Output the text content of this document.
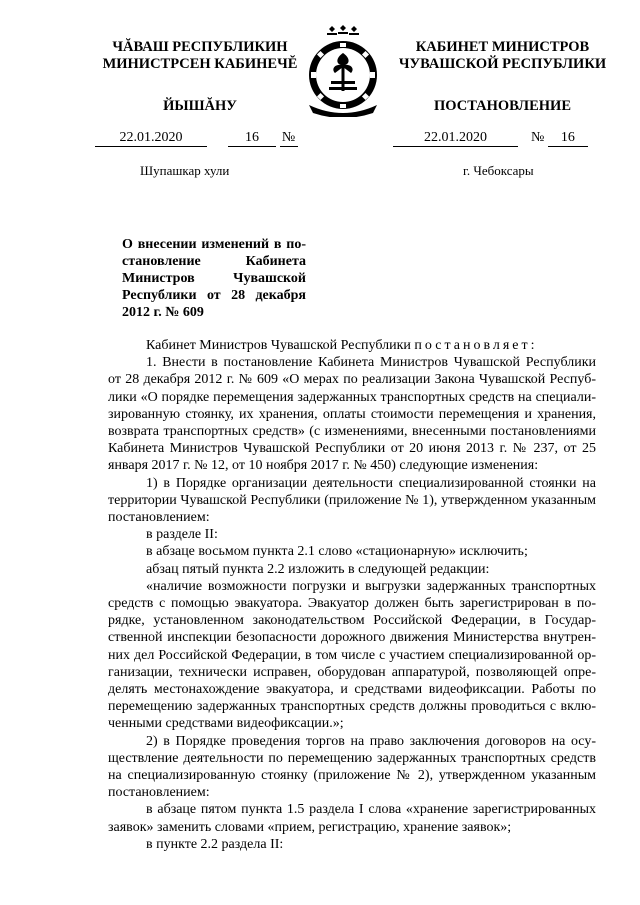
ЧĂВАШ РЕСПУБЛИКИН
МИНИСТРСЕН КАБИНЕЧĔ
ЙЫШĂНУ
КАБИНЕТ МИНИСТРОВ
ЧУВАШСКОЙ РЕСПУБЛИКИ
ПОСТАНОВЛЕНИЕ
22.01.2020	16 №	22.01.2020	№ 16
Шупашкар хули	г. Чебоксары
О внесении изменений в постановление Кабинета Министров Чувашской Республики от 28 декабря 2012 г. № 609

Кабинет Министров Чувашской Республики постановляет:

1. Внести в постановление Кабинета Министров Чувашской Республики от 28 декабря 2012 г. № 609 «О мерах по реализации Закона Чувашской Республики «О порядке перемещения задержанных транспортных средств на специализированную стоянку, их хранения, оплаты стоимости перемещения и хранения, возврата транспортных средств» (с изменениями, внесенными постановлениями Кабинета Министров Чувашской Республики от 20 июня 2013 г. № 237, от 25 января 2017 г. № 12, от 10 ноября 2017 г. № 450) следующие изменения:

1) в Порядке организации деятельности специализированной стоянки на территории Чувашской Республики (приложение № 1), утвержденном указанным постановлением:

в разделе II:

в абзаце восьмом пункта 2.1 слово «стационарную» исключить;

абзац пятый пункта 2.2 изложить в следующей редакции:

«наличие возможности погрузки и выгрузки задержанных транспортных средств с помощью эвакуатора. Эвакуатор должен быть зарегистрирован в порядке, установленном законодательством Российской Федерации, в Государственной инспекции безопасности дорожного движения Министерства внутренних дел Российской Федерации, в том числе с участием специализированной организации, технически исправен, оборудован аппаратурой, позволяющей определять местонахождение эвакуатора, и средствами видеофиксации. Работы по перемещению задержанных транспортных средств должны проводиться с включенными средствами видеофиксации.»;

2) в Порядке проведения торгов на право заключения договоров на осуществление деятельности по перемещению задержанных транспортных средств на специализированную стоянку (приложение № 2), утвержденном указанным постановлением:

в абзаце пятом пункта 1.5 раздела I слова «хранение зарегистрированных заявок» заменить словами «прием, регистрацию, хранение заявок»;

в пункте 2.2 раздела II:
